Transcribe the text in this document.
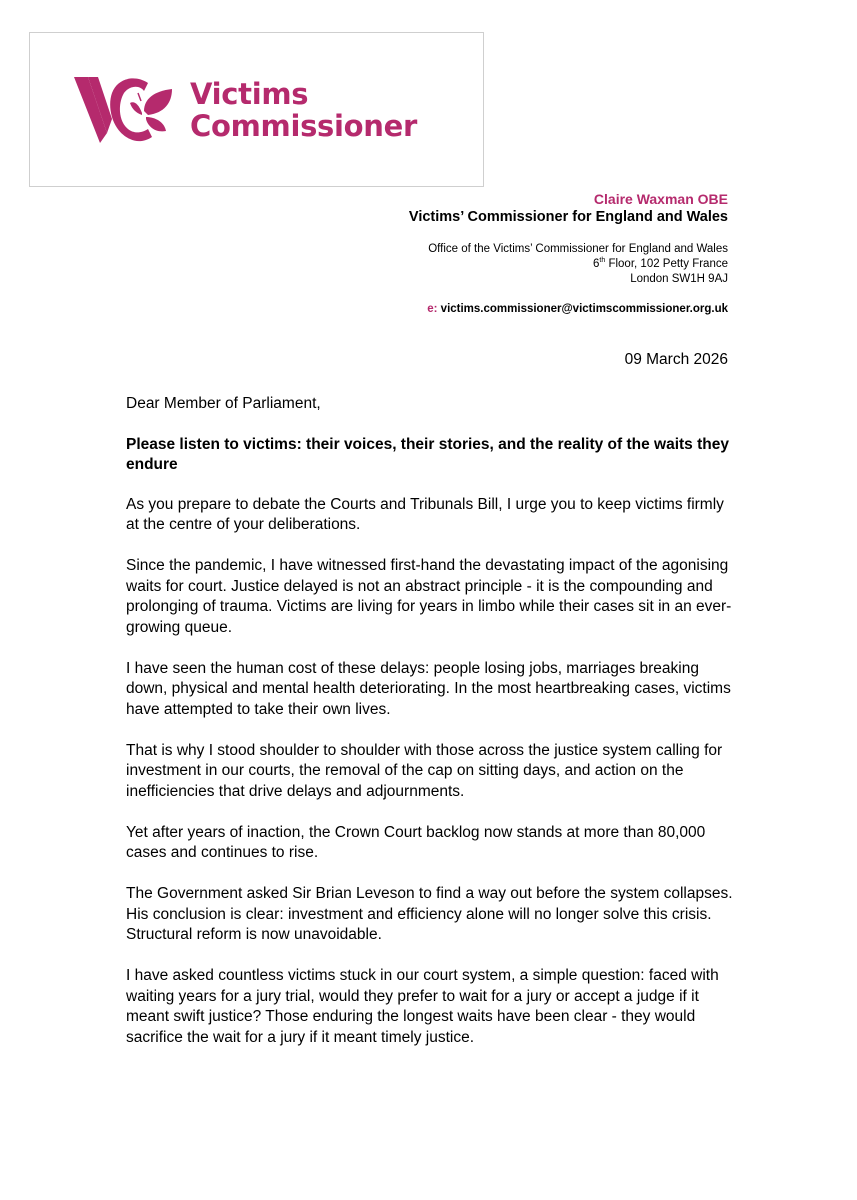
Victims
Commissioner
Claire Waxman OBE
Victims’ Commissioner for England and Wales
Office of the Victims’ Commissioner for England and Wales
6th Floor, 102 Petty France
London SW1H 9AJ
e: victims.commissioner@victimscommissioner.org.uk
09 March 2026

Dear Member of Parliament,

Please listen to victims: their voices, their stories, and the reality of the waits they endure

As you prepare to debate the Courts and Tribunals Bill, I urge you to keep victims firmly at the centre of your deliberations.

Since the pandemic, I have witnessed first-hand the devastating impact of the agonising waits for court. Justice delayed is not an abstract principle - it is the compounding and prolonging of trauma. Victims are living for years in limbo while their cases sit in an ever-growing queue.

I have seen the human cost of these delays: people losing jobs, marriages breaking down, physical and mental health deteriorating. In the most heartbreaking cases, victims have attempted to take their own lives.

That is why I stood shoulder to shoulder with those across the justice system calling for investment in our courts, the removal of the cap on sitting days, and action on the inefficiencies that drive delays and adjournments.

Yet after years of inaction, the Crown Court backlog now stands at more than 80,000 cases and continues to rise.

The Government asked Sir Brian Leveson to find a way out before the system collapses. His conclusion is clear: investment and efficiency alone will no longer solve this crisis. Structural reform is now unavoidable.

I have asked countless victims stuck in our court system, a simple question: faced with waiting years for a jury trial, would they prefer to wait for a jury or accept a judge if it meant swift justice? Those enduring the longest waits have been clear - they would sacrifice the wait for a jury if it meant timely justice.
